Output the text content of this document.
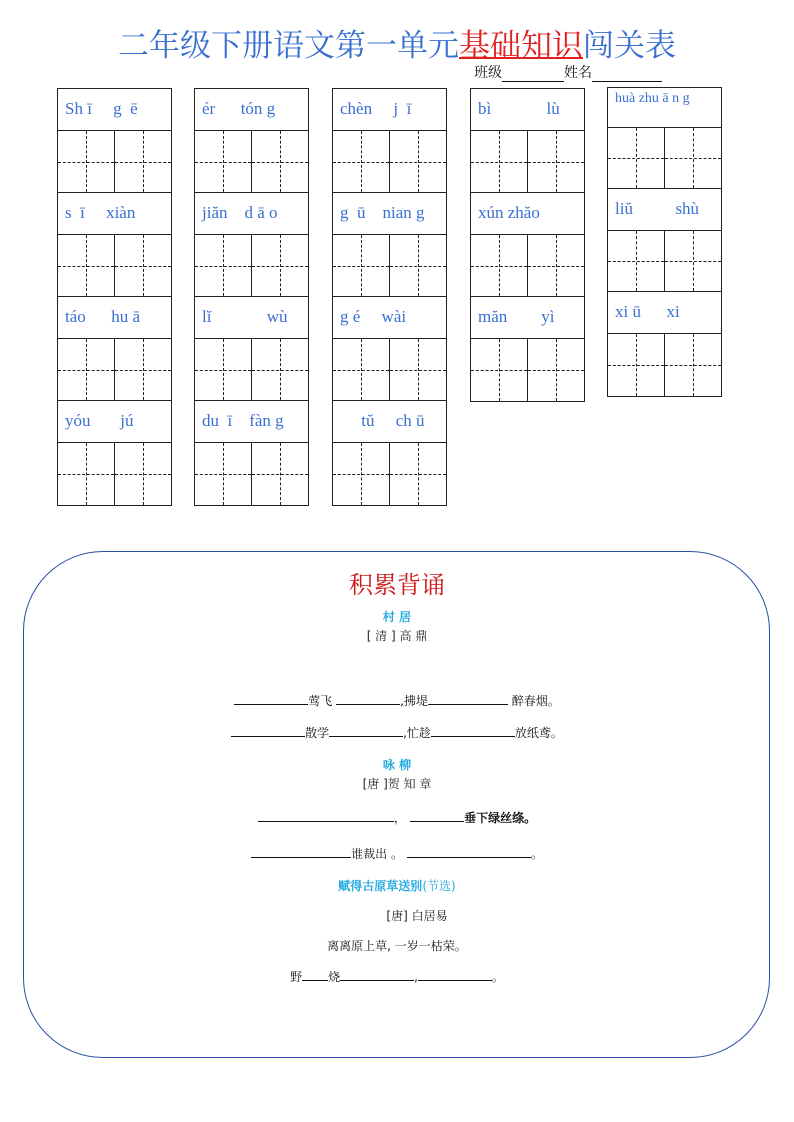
二年级下册语文第一单元基础知识闯关表
班级	姓名
Sh ī     g  ē
s  ī     xiàn
táo      hu ā
yóu       jú
ér      tón g
jiăn    d ā o
lĭ             wù
du  ī    fàn g
chèn     j  ī
g  ū    nian g
g é     wài
tŭ     ch ū
bì             lù
xún zhăo
măn        yì
huà zhu ā n g
liŭ          shù
xi ū      xi
积累背诵
村 居
[ 清 ] 高 鼎
莺飞	,拂堤	醉春烟。
散学	,忙趁	放纸鸢。
咏 柳
[唐 ]贺 知 章
，	垂下绿丝绦。
谁裁出 。	。
赋得古原草送别(节选)
[唐] 白居易
离离原上草, 一岁一枯荣。
野 烧	,	。
